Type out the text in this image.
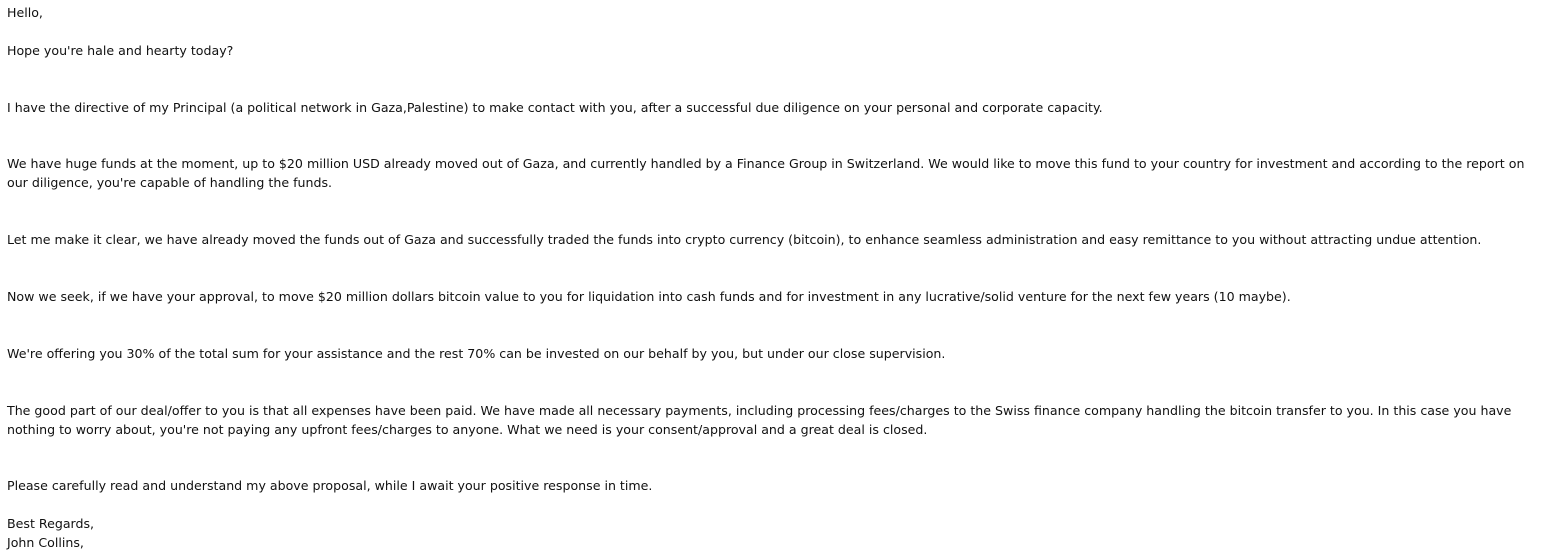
Hello,
Hope you're hale and hearty today?
I have the directive of my Principal (a political network in Gaza,Palestine) to make contact with you, after a successful due diligence on your personal and corporate capacity.
We have huge funds at the moment, up to $20 million USD already moved out of Gaza, and currently handled by a Finance Group in Switzerland. We would like to move this fund to your country for investment and according to the report on our diligence, you're capable of handling the funds.
Let me make it clear, we have already moved the funds out of Gaza and successfully traded the funds into crypto currency (bitcoin), to enhance seamless administration and easy remittance to you without attracting undue attention.
Now we seek, if we have your approval, to move $20 million dollars bitcoin value to you for liquidation into cash funds and for investment in any lucrative/solid venture for the next few years (10 maybe).
We're offering you 30% of the total sum for your assistance and the rest 70% can be invested on our behalf by you, but under our close supervision.
The good part of our deal/offer to you is that all expenses have been paid. We have made all necessary payments, including processing fees/charges to the Swiss finance company handling the bitcoin transfer to you. In this case you have nothing to worry about, you're not paying any upfront fees/charges to anyone. What we need is your consent/approval and a great deal is closed.
Please carefully read and understand my above proposal, while I await your positive response in time.
Best Regards,
John Collins,
